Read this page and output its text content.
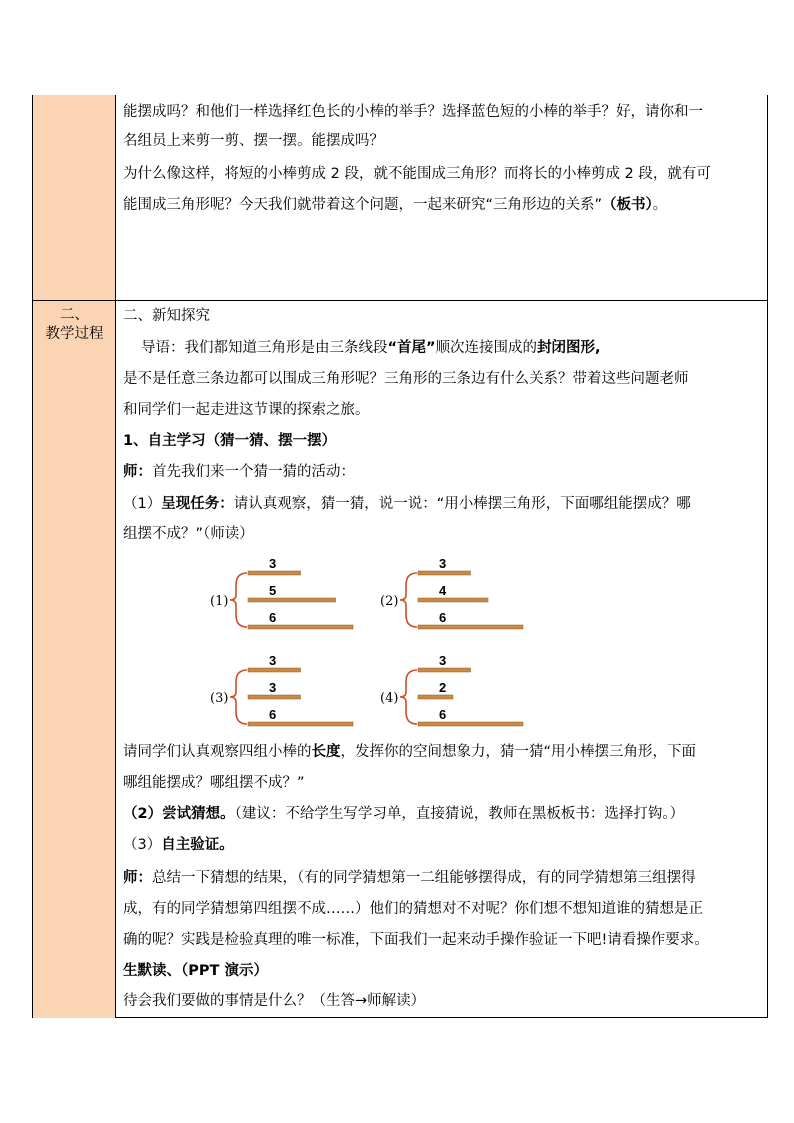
能摆成吗？和他们一样选择红色长的小棒的举手？选择蓝色短的小棒的举手？好，请你和一
名组员上来剪一剪、摆一摆。能摆成吗？
为什么像这样，将短的小棒剪成 2 段，就不能围成三角形？而将长的小棒剪成 2 段，就有可
能围成三角形呢？今天我们就带着这个问题，一起来研究“三角形边的关系”（板书）。
二、
教学过程
二、新知探究
导语：我们都知道三角形是由三条线段“首尾”顺次连接围成的封闭图形,
是不是任意三条边都可以围成三角形呢？三角形的三条边有什么关系？带着这些问题老师
和同学们一起走进这节课的探索之旅。
1、自主学习（猜一猜、摆一摆）
师：首先我们来一个猜一猜的活动：
（1）呈现任务：请认真观察，猜一猜，说一说：“用小棒摆三角形，下面哪组能摆成？哪
组摆不成？”（师读）
请同学们认真观察四组小棒的长度，发挥你的空间想象力，猜一猜“用小棒摆三角形，下面
哪组能摆成？哪组摆不成？”
（2）尝试猜想。（建议：不给学生写学习单，直接猜说，教师在黑板板书：选择打钩。）
（3）自主验证。
师：总结一下猜想的结果，（有的同学猜想第一二组能够摆得成，有的同学猜想第三组摆得
成，有的同学猜想第四组摆不成……）他们的猜想对不对呢？你们想不想知道谁的猜想是正
确的呢？实践是检验真理的唯一标准，下面我们一起来动手操作验证一下吧!请看操作要求。
生默读、（PPT 演示）
待会我们要做的事情是什么？（生答→师解读）
(1)
3
5
6
(2)
3
4
6
(3)
3
3
6
(4)
3
2
6
